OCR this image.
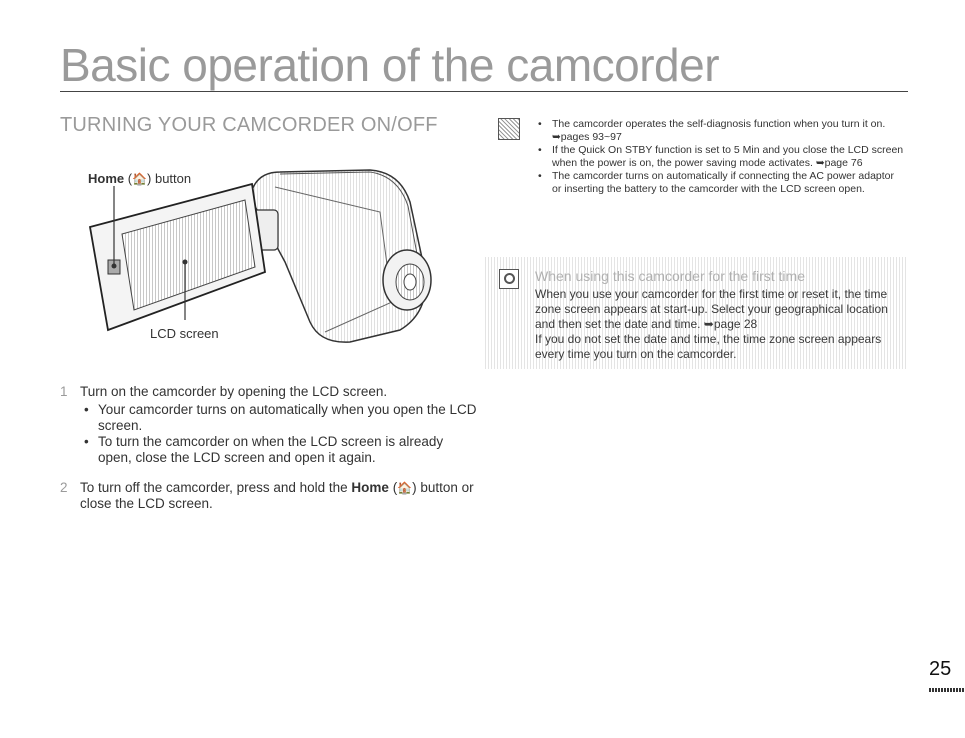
Basic operation of the camcorder
TURNING YOUR CAMCORDER ON/OFF
Home (🏠) button
LCD screen
1 Turn on the camcorder by opening the LCD screen.
• Your camcorder turns on automatically when you open the LCD screen.
• To turn the camcorder on when the LCD screen is already open, close the LCD screen and open it again.
2 To turn off the camcorder, press and hold the Home (🏠) button or close the LCD screen.
• The camcorder operates the self-diagnosis function when you turn it on. ➥pages 93~97
• If the Quick On STBY function is set to 5 Min and you close the LCD screen when the power is on, the power saving mode activates. ➥page 76
• The camcorder turns on automatically if connecting the AC power adaptor or inserting the battery to the camcorder with the LCD screen open.
When using this camcorder for the first time

When you use your camcorder for the first time or reset it, the time zone screen appears at start-up. Select your geographical location and then set the date and time. ➥page 28

If you do not set the date and time, the time zone screen appears every time you turn on the camcorder.

25
